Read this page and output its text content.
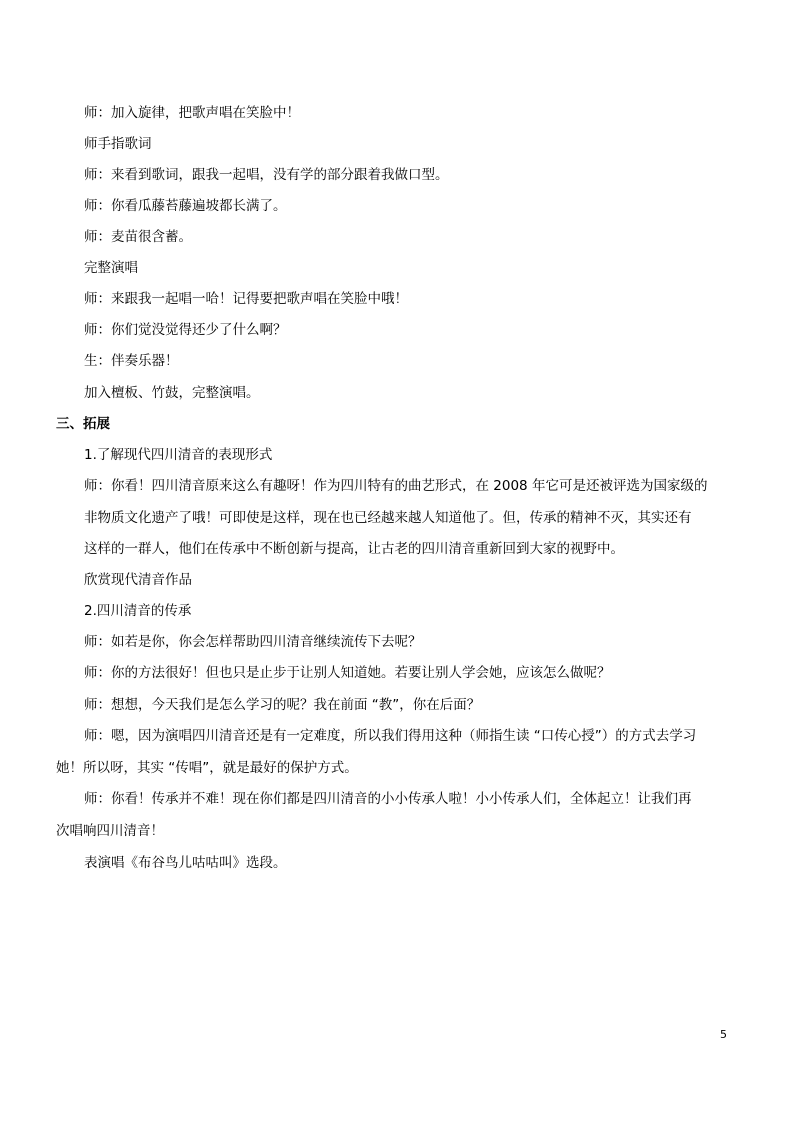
师：加入旋律，把歌声唱在笑脸中！
师手指歌词
师：来看到歌词，跟我一起唱，没有学的部分跟着我做口型。
师：你看瓜藤苔藤遍坡都长满了。
师：麦苗很含蓄。
完整演唱
师：来跟我一起唱一哈！记得要把歌声唱在笑脸中哦！
师：你们觉没觉得还少了什么啊？
生：伴奏乐器！
加入檀板、竹鼓，完整演唱。
三、拓展
1.了解现代四川清音的表现形式
师：你看！四川清音原来这么有趣呀！作为四川特有的曲艺形式，在 2008 年它可是还被评选为国家级的
非物质文化遗产了哦！可即使是这样，现在也已经越来越人知道他了。但，传承的精神不灭，其实还有
这样的一群人，他们在传承中不断创新与提高，让古老的四川清音重新回到大家的视野中。
欣赏现代清音作品
2.四川清音的传承
师：如若是你，你会怎样帮助四川清音继续流传下去呢？
师：你的方法很好！但也只是止步于让别人知道她。若要让别人学会她，应该怎么做呢？
师：想想，今天我们是怎么学习的呢？我在前面 “教”，你在后面？
师：嗯，因为演唱四川清音还是有一定难度，所以我们得用这种（师指生读 “口传心授”）的方式去学习
她！所以呀，其实 “传唱”，就是最好的保护方式。
师：你看！传承并不难！现在你们都是四川清音的小小传承人啦！小小传承人们，全体起立！让我们再
次唱响四川清音！
表演唱《布谷鸟儿咕咕叫》选段。
5
